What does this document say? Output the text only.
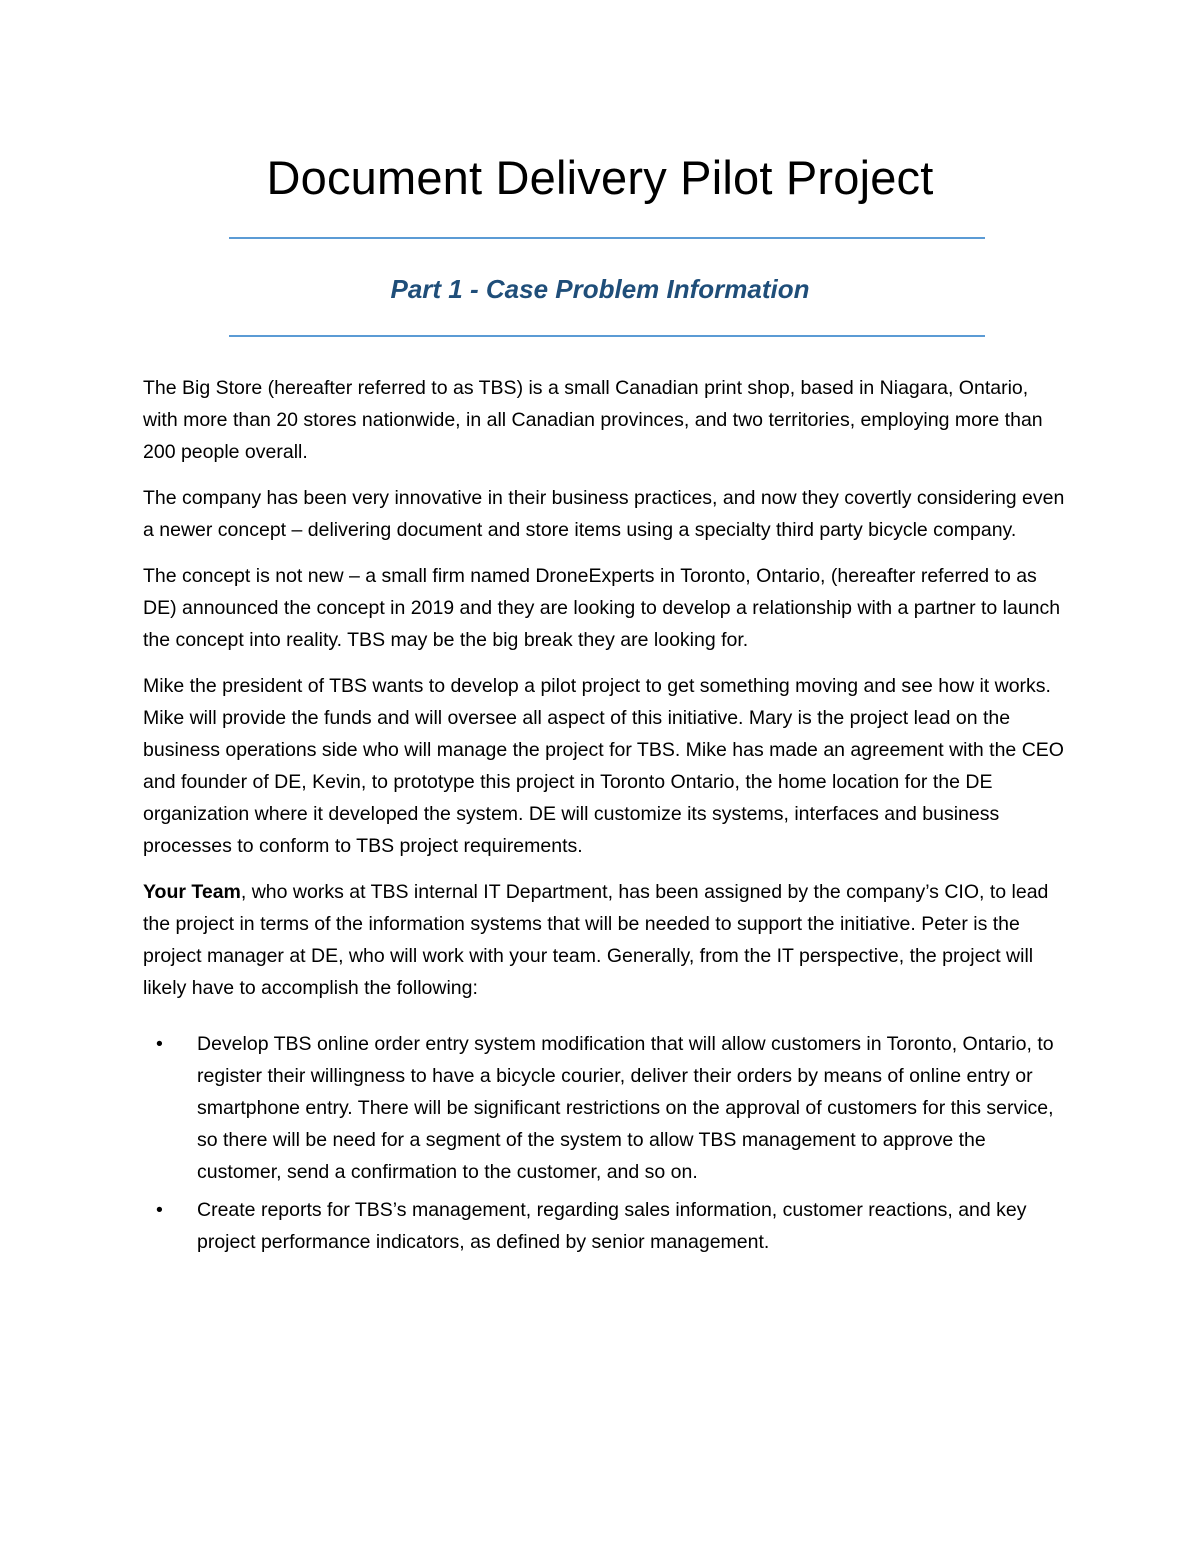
Document Delivery Pilot Project
Part 1 - Case Problem Information

The Big Store (hereafter referred to as TBS) is a small Canadian print shop, based in Niagara, Ontario, with more than 20 stores nationwide, in all Canadian provinces, and two territories, employing more than 200 people overall.

The company has been very innovative in their business practices, and now they covertly considering even a newer concept – delivering document and store items using a specialty third party bicycle company.

The concept is not new – a small firm named DroneExperts in Toronto, Ontario, (hereafter referred to as DE) announced the concept in 2019 and they are looking to develop a relationship with a partner to launch the concept into reality. TBS may be the big break they are looking for.

Mike the president of TBS wants to develop a pilot project to get something moving and see how it works. Mike will provide the funds and will oversee all aspect of this initiative. Mary is the project lead on the business operations side who will manage the project for TBS. Mike has made an agreement with the CEO and founder of DE, Kevin, to prototype this project in Toronto Ontario, the home location for the DE organization where it developed the system. DE will customize its systems, interfaces and business processes to conform to TBS project requirements.

Your Team, who works at TBS internal IT Department, has been assigned by the company’s CIO, to lead the project in terms of the information systems that will be needed to support the initiative. Peter is the project manager at DE, who will work with your team. Generally, from the IT perspective, the project will likely have to accomplish the following:

• Develop TBS online order entry system modification that will allow customers in Toronto, Ontario, to register their willingness to have a bicycle courier, deliver their orders by means of online entry or smartphone entry. There will be significant restrictions on the approval of customers for this service, so there will be need for a segment of the system to allow TBS management to approve the customer, send a confirmation to the customer, and so on.
• Create reports for TBS’s management, regarding sales information, customer reactions, and key project performance indicators, as defined by senior management.
